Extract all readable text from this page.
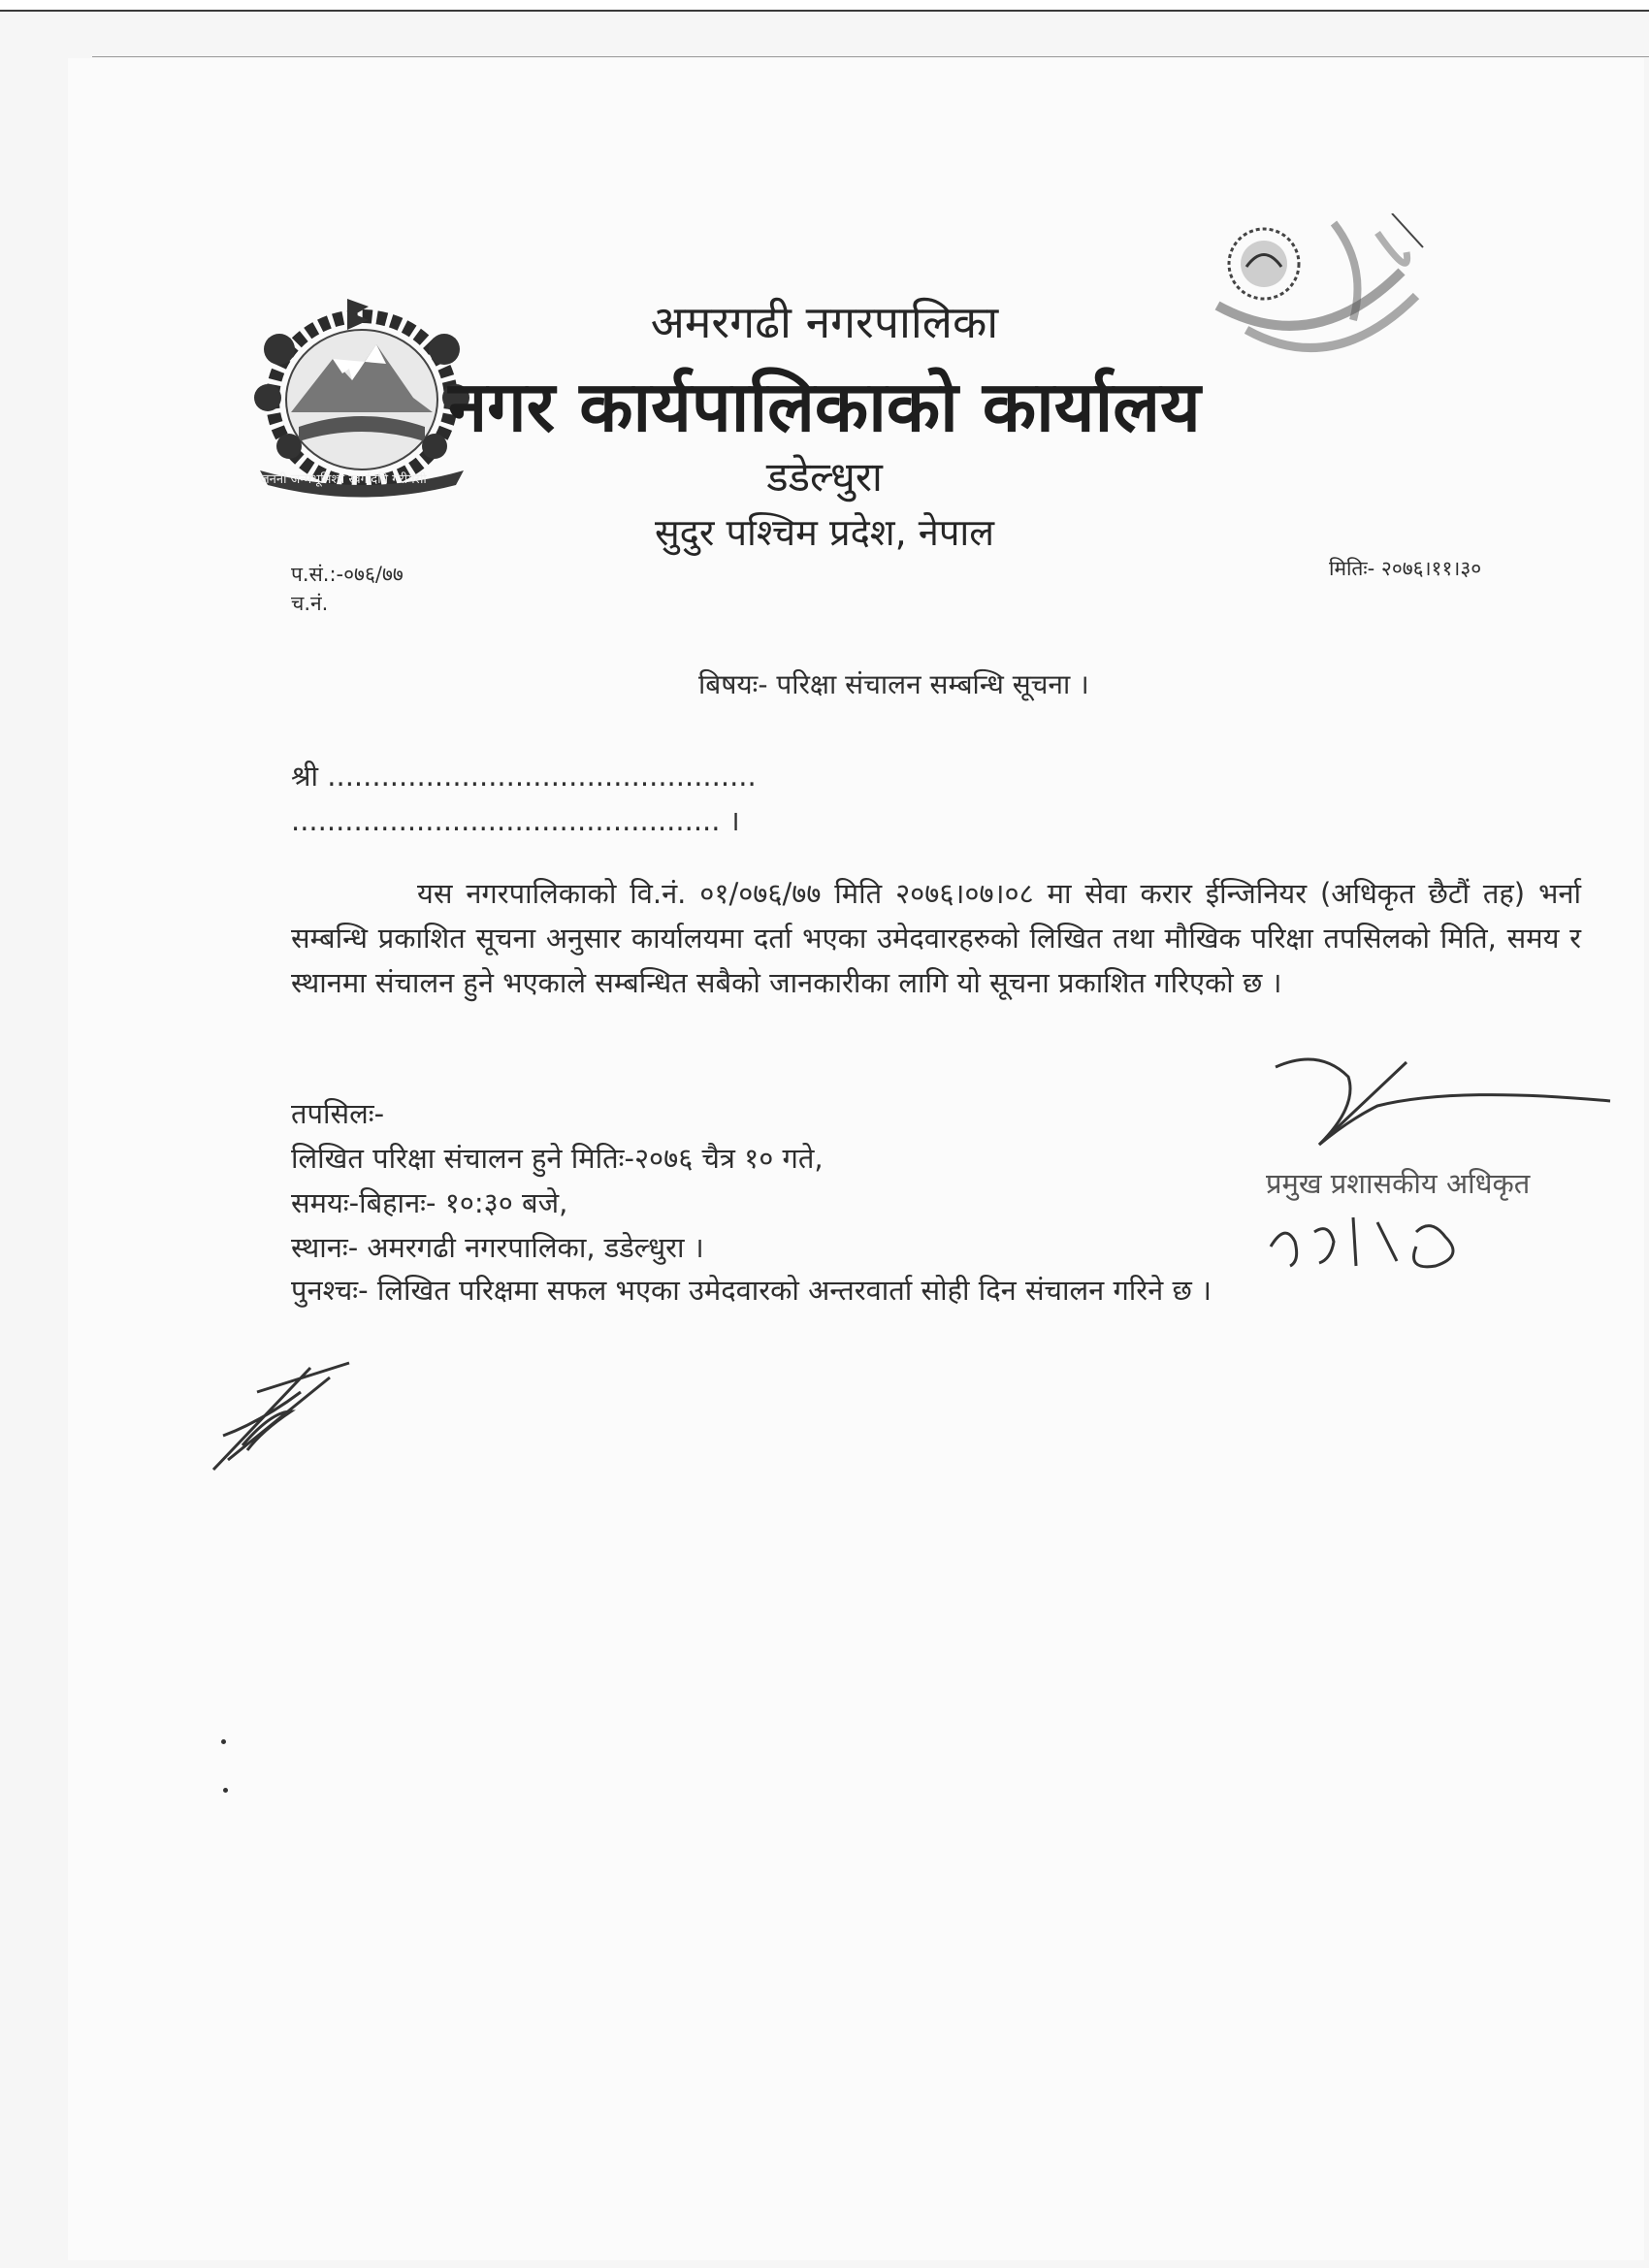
जननी जन्मभूमिश्च स्वर्गादपि गरीयसी
अमरगढी नगरपालिका
नगर कार्यपालिकाको कार्यालय
डडेल्धुरा
सुदुर पश्चिम प्रदेश, नेपाल
प.सं.:-०७६/७७
च.नं.
मितिः- २०७६।११।३०
बिषयः- परिक्षा संचालन सम्बन्धि सूचना ।
श्री ................................................
................................................ ।

यस नगरपालिकाको वि.नं. ०१/०७६/७७ मिति २०७६।०७।०८ मा सेवा करार ईन्जिनियर (अधिकृत छैटौं तह) भर्ना सम्बन्धि प्रकाशित सूचना अनुसार कार्यालयमा दर्ता भएका उमेदवारहरुको लिखित तथा मौखिक परिक्षा तपसिलको मिति, समय र स्थानमा संचालन हुने भएकाले सम्बन्धित सबैको जानकारीका लागि यो सूचना प्रकाशित गरिएको छ ।

तपसिलः-
लिखित परिक्षा संचालन हुने मितिः-२०७६ चैत्र १० गते,
समयः-बिहानः- १०:३० बजे,
स्थानः- अमरगढी नगरपालिका, डडेल्धुरा ।
पुनश्चः- लिखित परिक्षमा सफल भएका उमेदवारको अन्तरवार्ता सोही दिन संचालन गरिने छ ।
प्रमुख प्रशासकीय अधिकृत
